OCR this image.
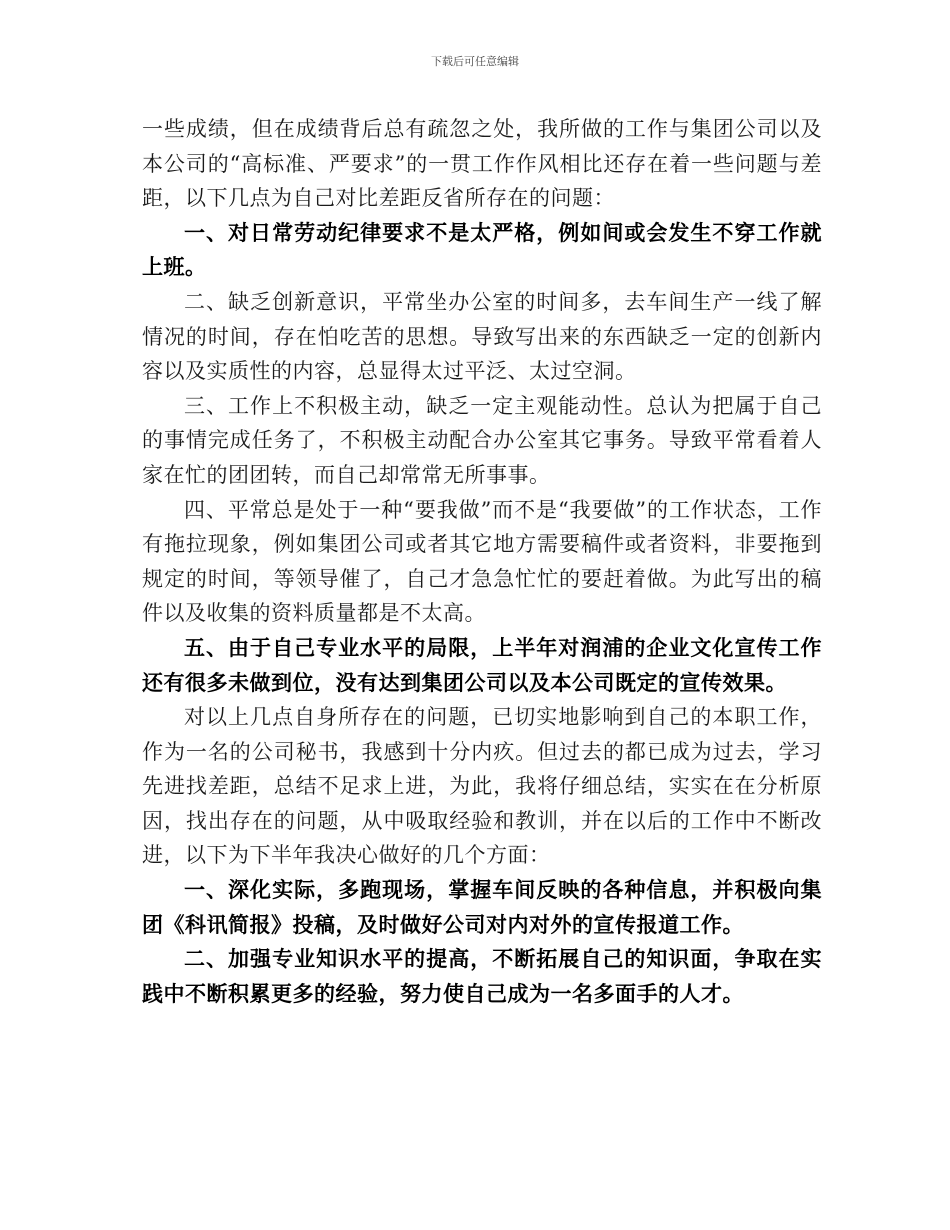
下载后可任意编辑

一些成绩，但在成绩背后总有疏忽之处，我所做的工作与集团公司以及本公司的“高标准、严要求”的一贯工作作风相比还存在着一些问题与差距，以下几点为自己对比差距反省所存在的问题：

一、对日常劳动纪律要求不是太严格，例如间或会发生不穿工作就上班。

二、缺乏创新意识，平常坐办公室的时间多，去车间生产一线了解情况的时间，存在怕吃苦的思想。导致写出来的东西缺乏一定的创新内容以及实质性的内容，总显得太过平泛、太过空洞。

三、工作上不积极主动，缺乏一定主观能动性。总认为把属于自己的事情完成任务了，不积极主动配合办公室其它事务。导致平常看着人家在忙的团团转，而自己却常常无所事事。

四、平常总是处于一种“要我做”而不是“我要做”的工作状态，工作有拖拉现象，例如集团公司或者其它地方需要稿件或者资料，非要拖到规定的时间，等领导催了，自己才急急忙忙的要赶着做。为此写出的稿件以及收集的资料质量都是不太高。

五、由于自己专业水平的局限，上半年对润浦的企业文化宣传工作还有很多未做到位，没有达到集团公司以及本公司既定的宣传效果。

对以上几点自身所存在的问题，已切实地影响到自己的本职工作，作为一名的公司秘书，我感到十分内疚。但过去的都已成为过去，学习先进找差距，总结不足求上进，为此，我将仔细总结，实实在在分析原因，找出存在的问题，从中吸取经验和教训，并在以后的工作中不断改进，以下为下半年我决心做好的几个方面：

一、深化实际，多跑现场，掌握车间反映的各种信息，并积极向集团《科讯简报》投稿，及时做好公司对内对外的宣传报道工作。

二、加强专业知识水平的提高，不断拓展自己的知识面，争取在实践中不断积累更多的经验，努力使自己成为一名多面手的人才。
